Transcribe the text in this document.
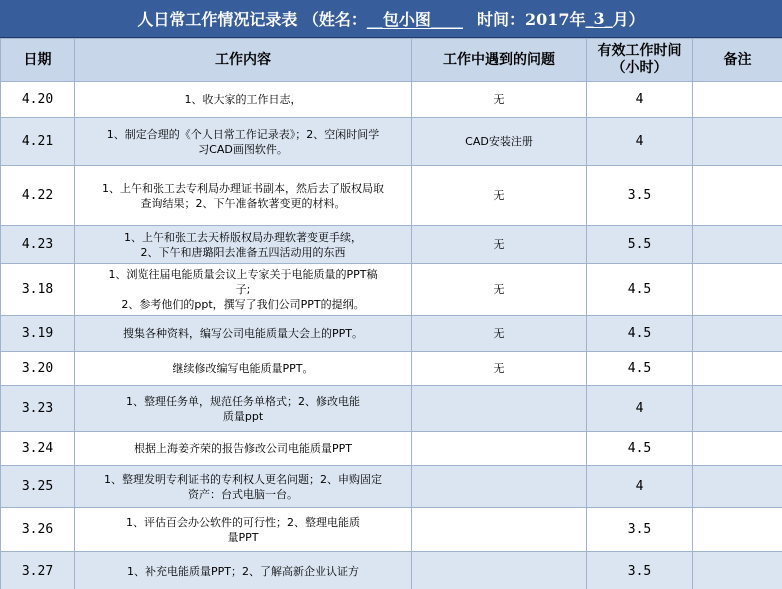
人日常工作情况记录表 （姓名： __包小图____ 时间：2017年 _3_ 月）
日期	工作内容	工作中遇到的问题	有效工作时间
（小时）	备注
4.20	1、收大家的工作日志，	无	4	
4.21	1、制定合理的《个人日常工作记录表》；2、空闲时间学
习CAD画图软件。	CAD安装注册	4	
4.22	1、上午和张工去专利局办理证书副本，然后去了版权局取
查询结果；2、下午准备软著变更的材料。	无	3.5	
4.23	1、上午和张工去天桥版权局办理软著变更手续，
2、下午和唐璐阳去准备五四活动用的东西	无	5.5	
3.18	1、浏览往届电能质量会议上专家关于电能质量的PPT稿
子;
2、参考他们的ppt，撰写了我们公司PPT的提纲。	无	4.5	
3.19	搜集各种资料，编写公司电能质量大会上的PPT。	无	4.5	
3.20	继续修改编写电能质量PPT。	无	4.5	
3.23	1、整理任务单，规范任务单格式；2、修改电能
质量ppt		4	
3.24	根据上海姜齐荣的报告修改公司电能质量PPT		4.5	
3.25	1、整理发明专利证书的专利权人更名问题；2、申购固定
资产：台式电脑一台。		4	
3.26	1、评估百会办公软件的可行性；2、整理电能质
量PPT		3.5	
3.27	1、补充电能质量PPT；2、了解高新企业认证方		3.5	
